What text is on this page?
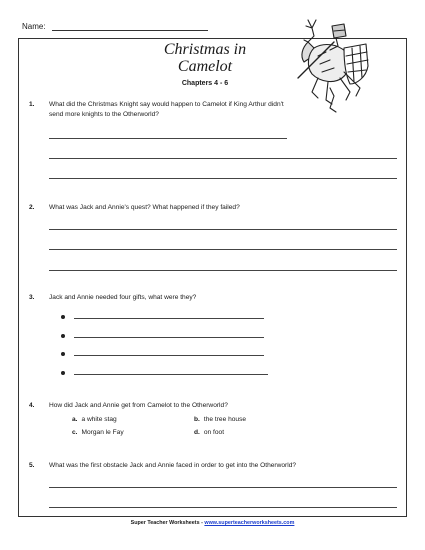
Name:
Christmas in
Camelot
Chapters 4 - 6
1. What did the Christmas Knight say would happen to Camelot if King Arthur didn't send more knights to the Otherworld?
2. What was Jack and Annie's quest? What happened if they failed?
3. Jack and Annie needed four gifts, what were they?
4. How did Jack and Annie get from Camelot to the Otherworld?
a. a white stag	b. the tree house
c. Morgan le Fay	d. on foot
5. What was the first obstacle Jack and Annie faced in order to get into the Otherworld?
Super Teacher Worksheets - www.superteacherworksheets.com
